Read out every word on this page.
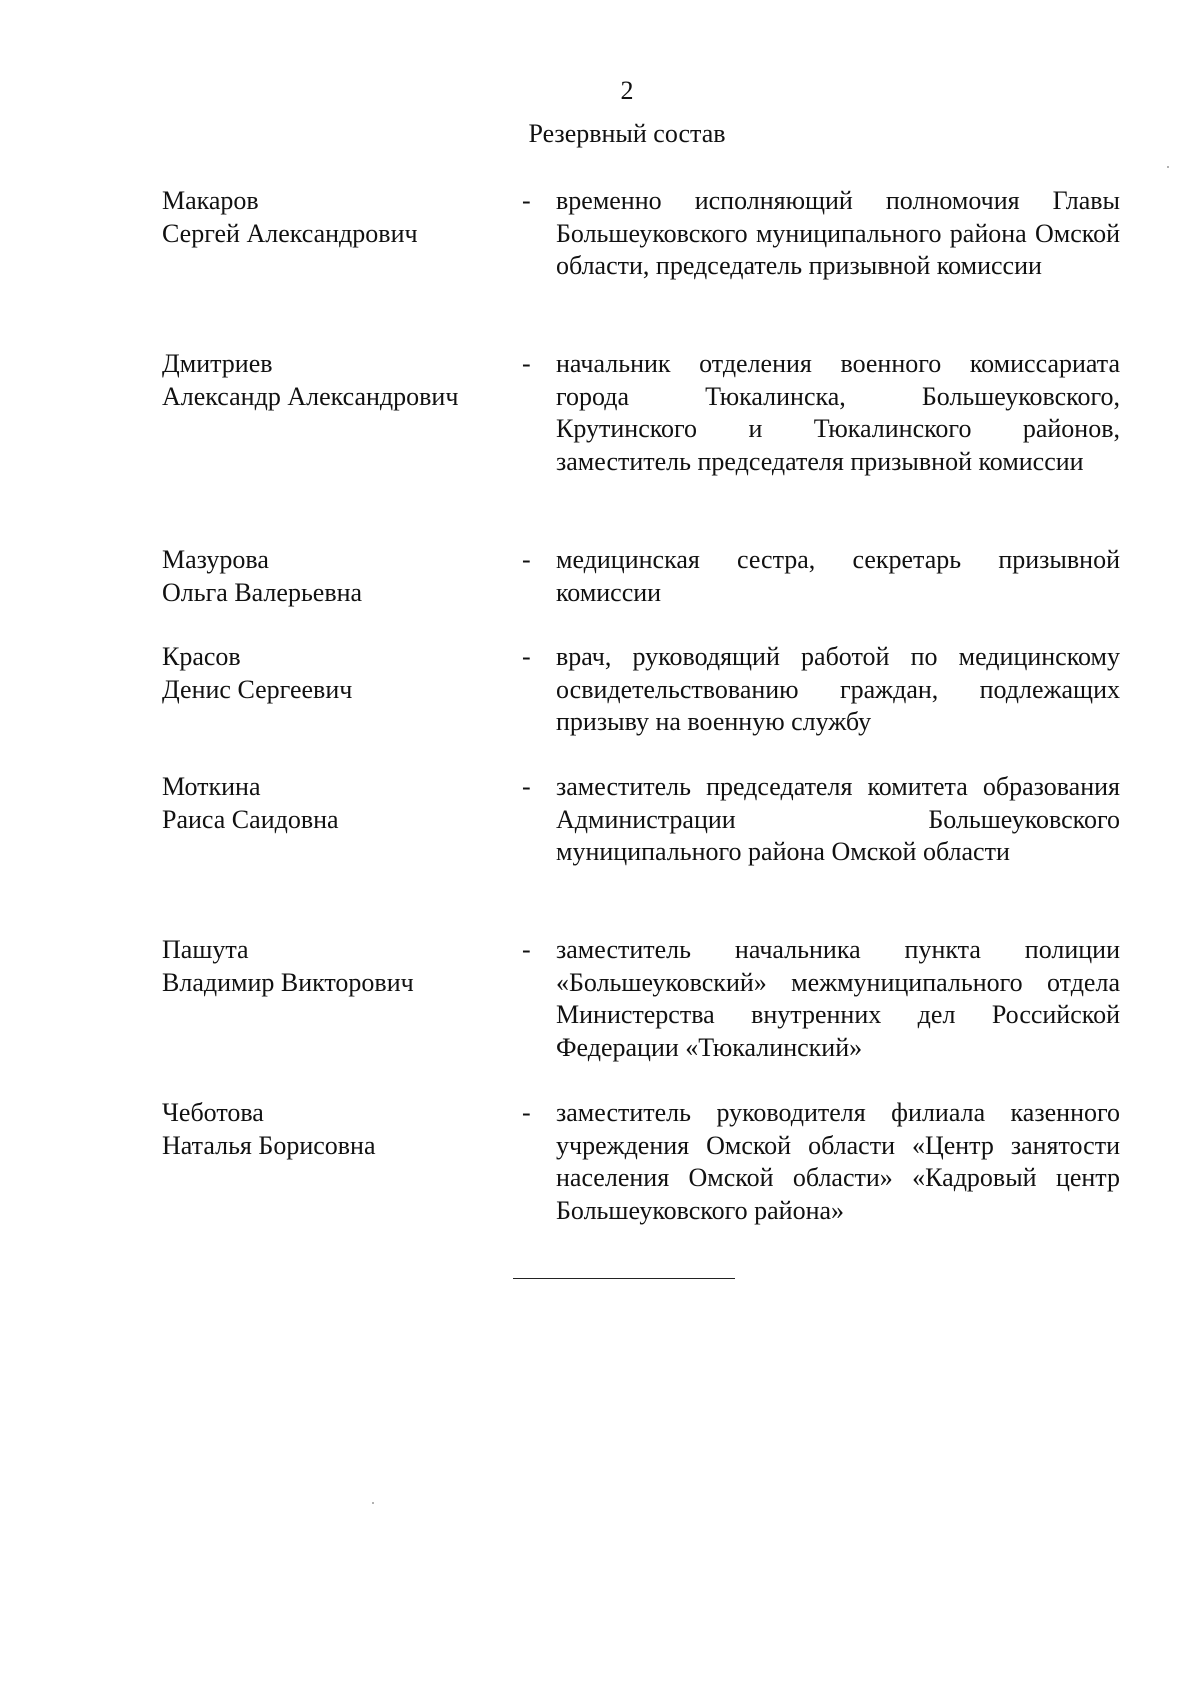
2
Резервный состав
Макаров
Сергей Александрович
- временно исполняющий полномочия Главы Большеуковского муниципального района Омской области, председатель призывной комиссии
Дмитриев
Александр Александрович
- начальник отделения военного комиссариата города Тюкалинска, Большеуковского, Крутинского и Тюкалинского районов, заместитель председателя призывной комиссии
Мазурова
Ольга Валерьевна
- медицинская сестра, секретарь призывной комиссии
Красов
Денис Сергеевич
- врач, руководящий работой по медицинскому освидетельствованию граждан, подлежащих призыву на военную службу
Моткина
Раиса Саидовна
- заместитель председателя комитета образования Администрации Большеуковского муниципального района Омской области
Пашута
Владимир Викторович
- заместитель начальника пункта полиции «Большеуковский» межмуниципального отдела Министерства внутренних дел Российской Федерации «Тюкалинский»
Чеботова
Наталья Борисовна
- заместитель руководителя филиала казенного учреждения Омской области «Центр занятости населения Омской области» «Кадровый центр Большеуковского района»
